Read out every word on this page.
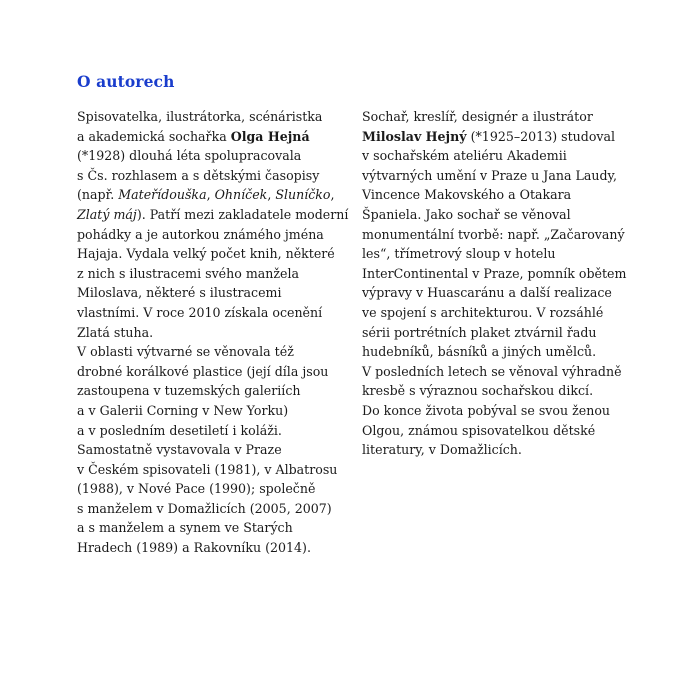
O autorech
Spisovatelka, ilustrátorka, scénáristka
a akademická sochařka Olga Hejná
(*1928) dlouhá léta spolupracovala
s Čs. rozhlasem a s dětskými časopisy
(např. Mateřídouška, Ohníček, Sluníčko,
Zlatý máj). Patří mezi zakladatele moderní
pohádky a je autorkou známého jména
Hajaja. Vydala velký počet knih, některé
z nich s ilustracemi svého manžela
Miloslava, některé s ilustracemi
vlastními. V roce 2010 získala ocenění
Zlatá stuha.
V oblasti výtvarné se věnovala též
drobné korálkové plastice (její díla jsou
zastoupena v tuzemských galeriích
a v Galerii Corning v New Yorku)
a v posledním desetiletí i koláži.
Samostatně vystavovala v Praze
v Českém spisovateli (1981), v Albatrosu
(1988), v Nové Pace (1990); společně
s manželem v Domažlicích (2005, 2007)
a s manželem a synem ve Starých
Hradech (1989) a Rakovníku (2014).
Sochař, kreslíř, designér a ilustrátor
Miloslav Hejný (*1925–2013) studoval
v sochařském ateliéru Akademii
výtvarných umění v Praze u Jana Laudy,
Vincence Makovského a Otakara
Španiela. Jako sochař se věnoval
monumentální tvorbě: např. „Začarovaný
les“, třímetrový sloup v hotelu
InterContinental v Praze, pomník obětem
výpravy v Huascaránu a další realizace
ve spojení s architekturou. V rozsáhlé
sérii portrétních plaket ztvárnil řadu
hudebníků, básníků a jiných umělců.
V posledních letech se věnoval výhradně
kresbě s výraznou sochařskou dikcí.
Do konce života pobýval se svou ženou
Olgou, známou spisovatelkou dětské
literatury, v Domažlicích.
